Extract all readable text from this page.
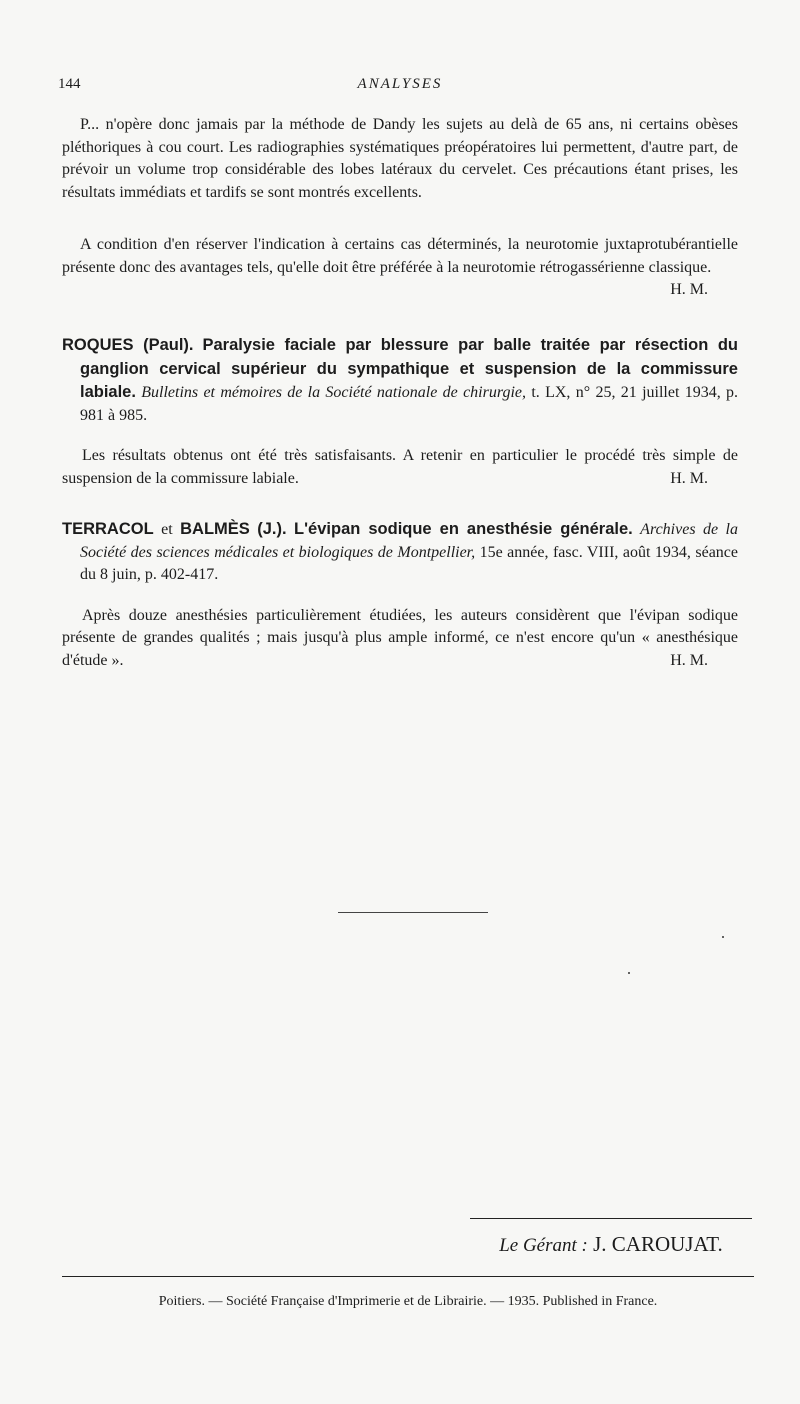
144	ANALYSES
P... n'opère donc jamais par la méthode de Dandy les sujets au delà de 65 ans, ni certains obèses pléthoriques à cou court. Les radiographies systématiques préopératoires lui permettent, d'autre part, de prévoir un volume trop considérable des lobes latéraux du cervelet. Ces précautions étant prises, les résultats immédiats et tardifs se sont montrés excellents.
A condition d'en réserver l'indication à certains cas déterminés, la neurotomie juxtaprotubérantielle présente donc des avantages tels, qu'elle doit être préférée à la neurotomie rétrogassérienne classique.
H. M.
ROQUES (Paul). Paralysie faciale par blessure par balle traitée par résection du ganglion cervical supérieur du sympathique et suspension de la commissure labiale. Bulletins et mémoires de la Société nationale de chirurgie, t. LX, n° 25, 21 juillet 1934, p. 981 à 985.
Les résultats obtenus ont été très satisfaisants. A retenir en particulier le procédé très simple de suspension de la commissure labiale.	H. M.
TERRACOL et BALMÈS (J.). L'évipan sodique en anesthésie générale. Archives de la Société des sciences médicales et biologiques de Montpellier, 15e année, fasc. VIII, août 1934, séance du 8 juin, p. 402-417.
Après douze anesthésies particulièrement étudiées, les auteurs considèrent que l'évipan sodique présente de grandes qualités ; mais jusqu'à plus ample informé, ce n'est encore qu'un « anesthésique d'étude ».	H. M.
Le Gérant : J. CAROUJAT.
Poitiers. — Société Française d'Imprimerie et de Librairie. — 1935. Published in France.
